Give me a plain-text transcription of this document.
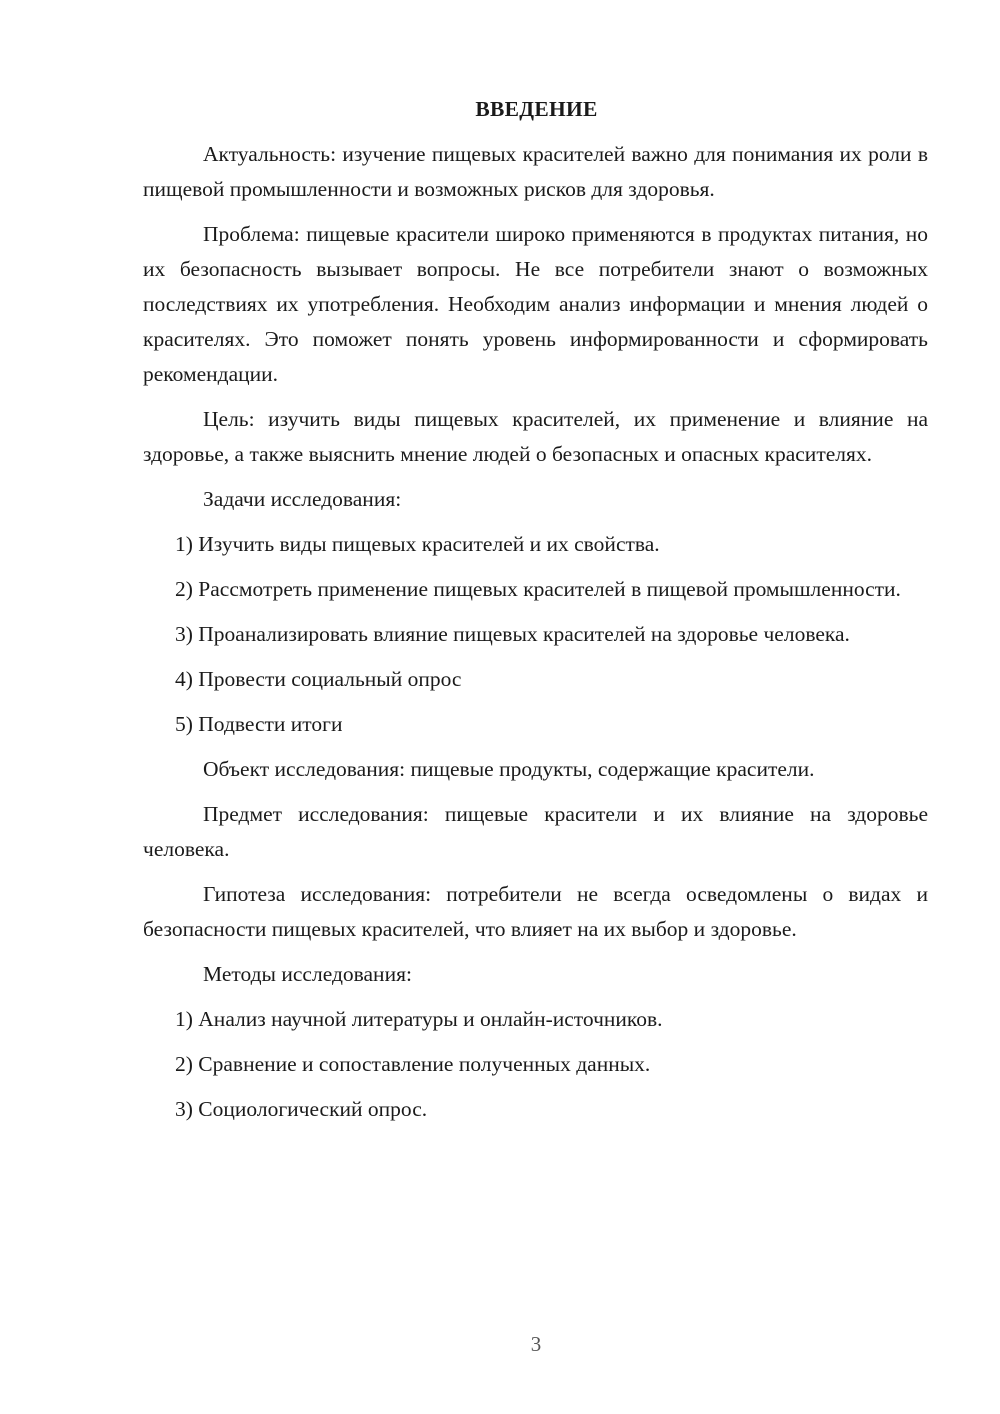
ВВЕДЕНИЕ

Актуальность: изучение пищевых красителей важно для понимания их роли в пищевой промышленности и возможных рисков для здоровья.

Проблема: пищевые красители широко применяются в продуктах питания, но их безопасность вызывает вопросы. Не все потребители знают о возможных последствиях их употребления. Необходим анализ информации и мнения людей о красителях. Это поможет понять уровень информированности и сформировать рекомендации.

Цель: изучить виды пищевых красителей, их применение и влияние на здоровье, а также выяснить мнение людей о безопасных и опасных красителях.

Задачи исследования:

1) Изучить виды пищевых красителей и их свойства.

2) Рассмотреть применение пищевых красителей в пищевой промышленности.

3) Проанализировать влияние пищевых красителей на здоровье человека.

4) Провести социальный опрос

5) Подвести итоги

Объект исследования: пищевые продукты, содержащие красители.

Предмет исследования: пищевые красители и их влияние на здоровье человека.

Гипотеза исследования: потребители не всегда осведомлены о видах и безопасности пищевых красителей, что влияет на их выбор и здоровье.

Методы исследования:

1) Анализ научной литературы и онлайн-источников.

2) Сравнение и сопоставление полученных данных.

3) Социологический опрос.

3
